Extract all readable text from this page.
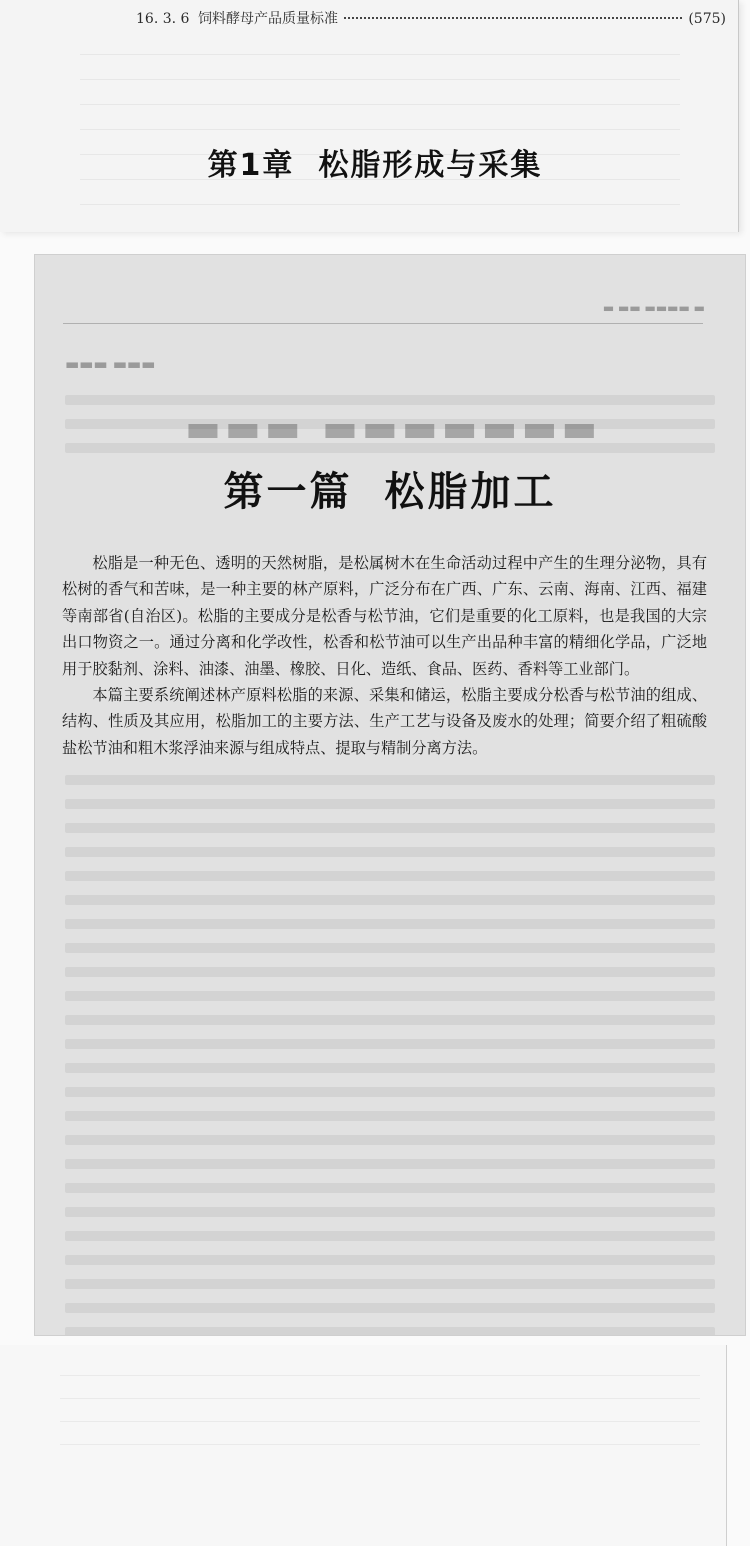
16. 3. 6 饲料酵母产品质量标准	(575)
▬ ▬▬ ▬▬▬▬ ▬
▬▬▬ ▬▬▬
▬▬▬ ▬▬▬▬▬▬▬
第一篇 松脂加工

松脂是一种无色、透明的天然树脂，是松属树木在生命活动过程中产生的生理分泌物，具有松树的香气和苦味，是一种主要的林产原料，广泛分布在广西、广东、云南、海南、江西、福建等南部省(自治区)。松脂的主要成分是松香与松节油，它们是重要的化工原料，也是我国的大宗出口物资之一。通过分离和化学改性，松香和松节油可以生产出品种丰富的精细化学品，广泛地用于胶黏剂、涂料、油漆、油墨、橡胶、日化、造纸、食品、医药、香料等工业部门。

本篇主要系统阐述林产原料松脂的来源、采集和储运，松脂主要成分松香与松节油的组成、结构、性质及其应用，松脂加工的主要方法、生产工艺与设备及废水的处理；简要介绍了粗硫酸盐松节油和粗木浆浮油来源与组成特点、提取与精制分离方法。

第1章 松脂形成与采集
